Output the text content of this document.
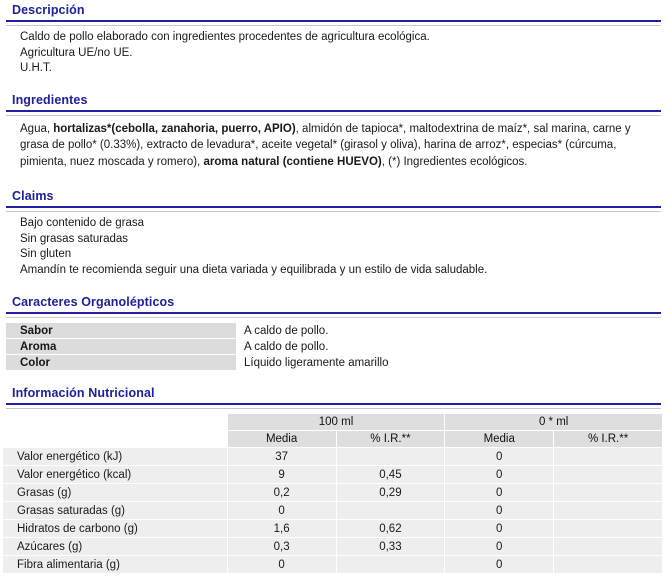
Descripción
Caldo de pollo elaborado con ingredientes procedentes de agricultura ecológica.
Agricultura UE/no UE.
U.H.T.
Ingredientes
Agua, hortalizas*(cebolla, zanahoria, puerro, APIO), almidón de tapioca*, maltodextrina de maíz*, sal marina, carne y grasa de pollo* (0.33%), extracto de levadura*, aceite vegetal* (girasol y oliva), harina de arroz*, especias* (cúrcuma, pimienta, nuez moscada y romero), aroma natural (contiene HUEVO), (*) Ingredientes ecológicos.
Claims
Bajo contenido de grasa
Sin grasas saturadas
Sin gluten
Amandín te recomienda seguir una dieta variada y equilibrada y un estilo de vida saludable.
Caracteres Organolépticos
Sabor		A caldo de pollo.
Aroma		A caldo de pollo.
Color		Líquido ligeramente amarillo
Información Nutricional
	100 ml		0 * ml	
	Media	% I.R.**	Media	% I.R.**
Valor energético (kJ)	37		0	
Valor energético (kcal)	9	0,45	0	
Grasas (g)	0,2	0,29	0	
Grasas saturadas (g)	0		0	
Hidratos de carbono (g)	1,6	0,62	0	
Azúcares (g)	0,3	0,33	0	
Fibra alimentaria (g)	0		0	
